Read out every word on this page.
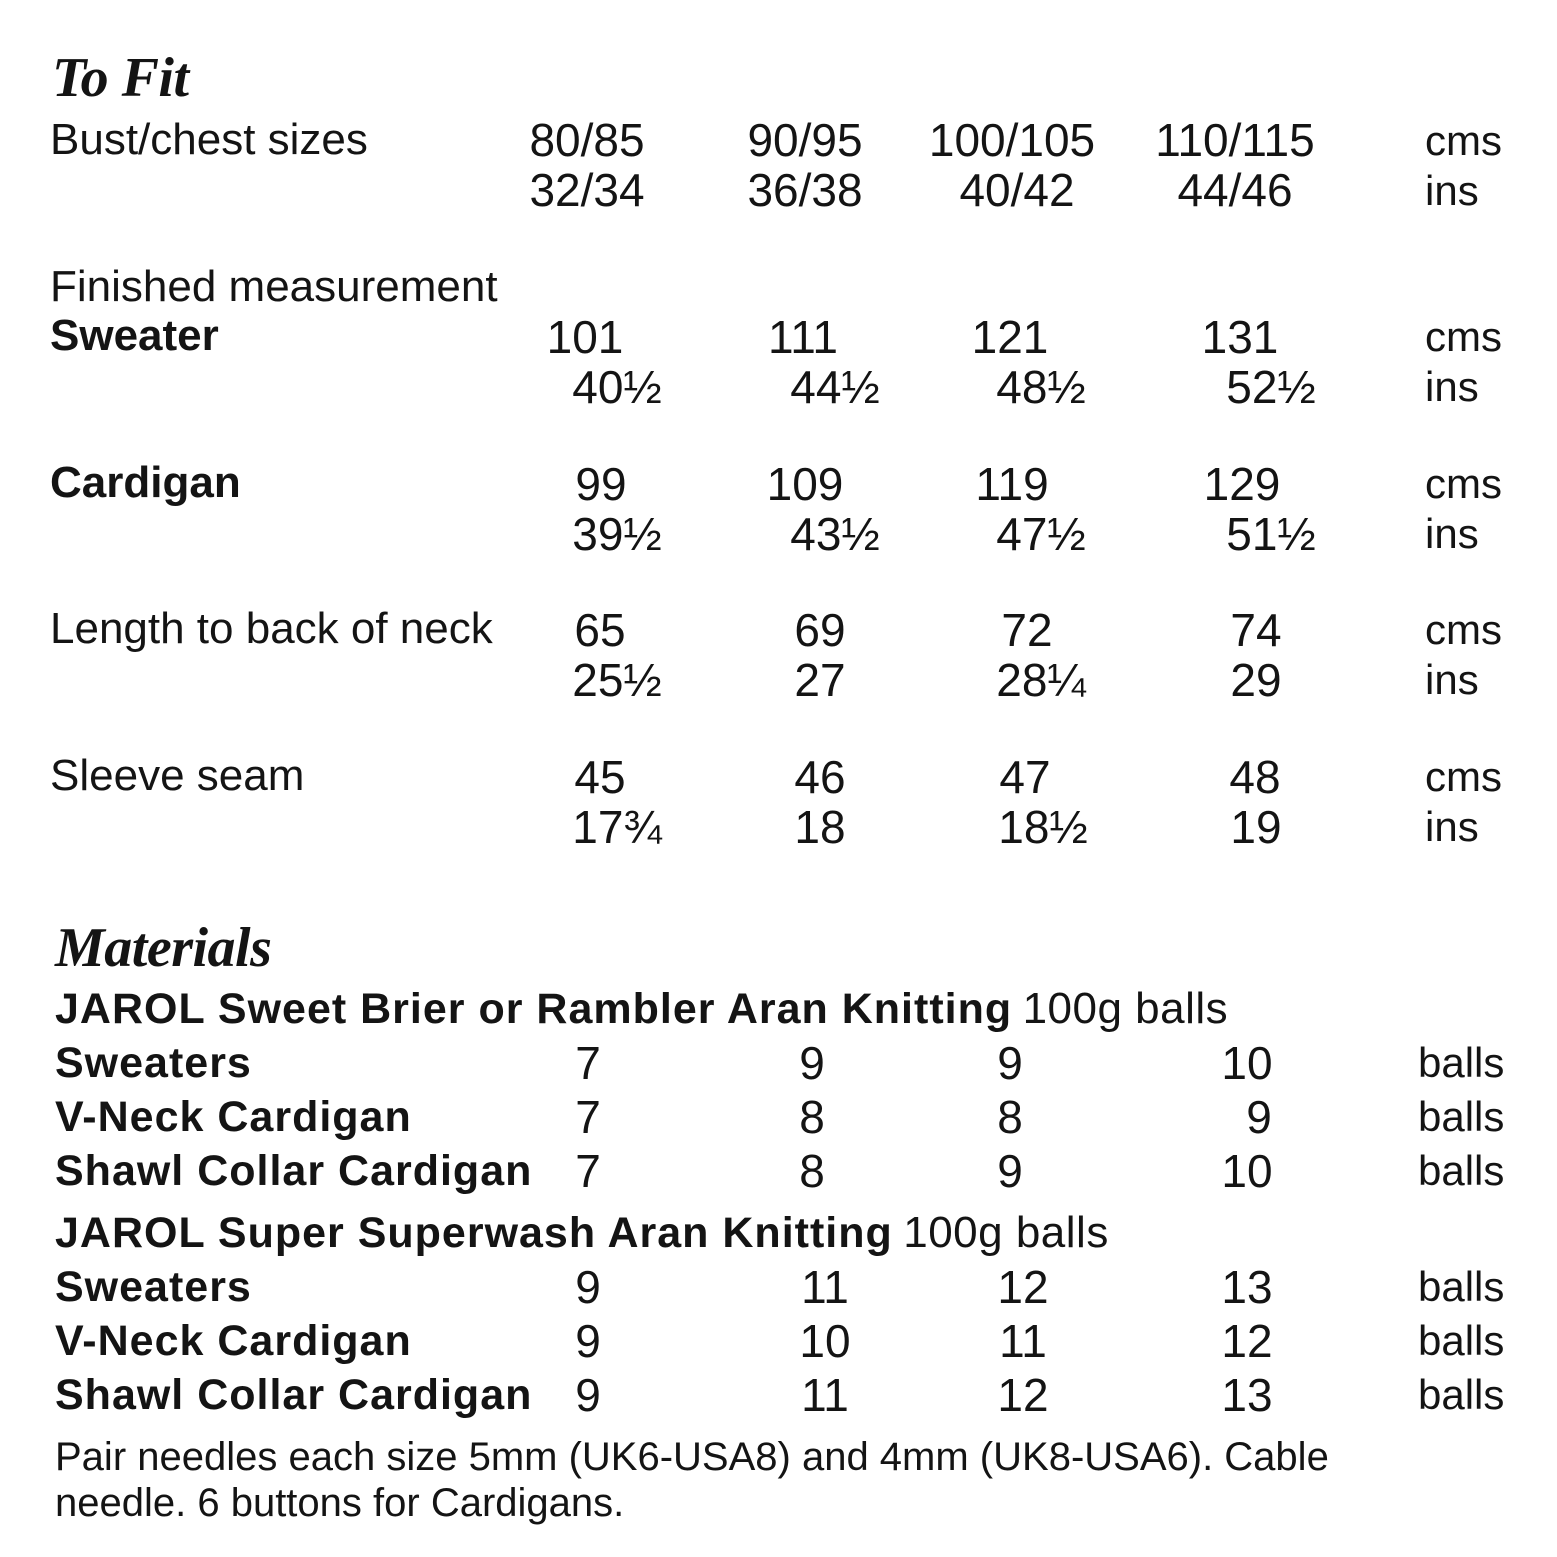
To Fit
Bust/chest sizes	80/85 90/95 100/105 110/115	cms
32/34 36/38 40/42 44/46	ins
Finished measurement
Sweater	101	111	121	131	cms
40½	44½	48½	52½	ins
Cardigan	99	109	119	129	cms
39½	43½	47½	51½	ins
Length to back of neck 65	69	72	74	cms
25½	27	28¼	29	ins
Sleeve seam	45	46	47	48	cms
17¾	18	18½	19	ins
Materials
JAROL Sweet Brier or Rambler Aran Knitting 100g balls
Sweaters	7	9	9	10	balls
V-Neck Cardigan	7	8	8	9	balls
Shawl Collar Cardigan 7	8	9	10	balls
JAROL Super Superwash Aran Knitting 100g balls
Sweaters	9	11	12	13	balls
V-Neck Cardigan	9	10	11	12	balls
Shawl Collar Cardigan 9	11	12	13	balls
Pair needles each size 5mm (UK6-USA8) and 4mm (UK8-USA6). Cable
needle. 6 buttons for Cardigans.
